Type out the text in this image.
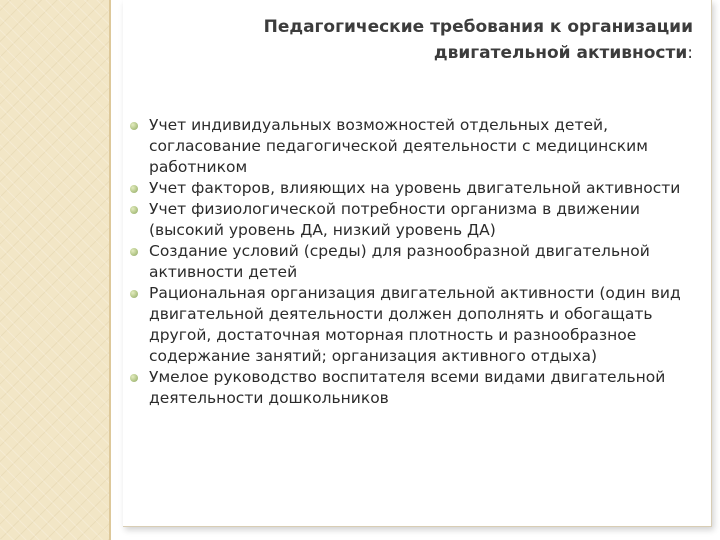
Педагогические требования к организации
двигательной активности:
Учет индивидуальных возможностей отдельных детей, согласование педагогической деятельности с медицинским работником
Учет факторов, влияющих на уровень двигательной активности
Учет физиологической потребности организма в движении (высокий уровень ДА, низкий уровень ДА)
Создание условий (среды) для разнообразной двигательной активности детей
Рациональная организация двигательной активности (один вид двигательной деятельности должен дополнять и обогащать другой, достаточная моторная плотность и разнообразное содержание занятий; организация активного отдыха)
Умелое руководство воспитателя всеми видами двигательной деятельности дошкольников
